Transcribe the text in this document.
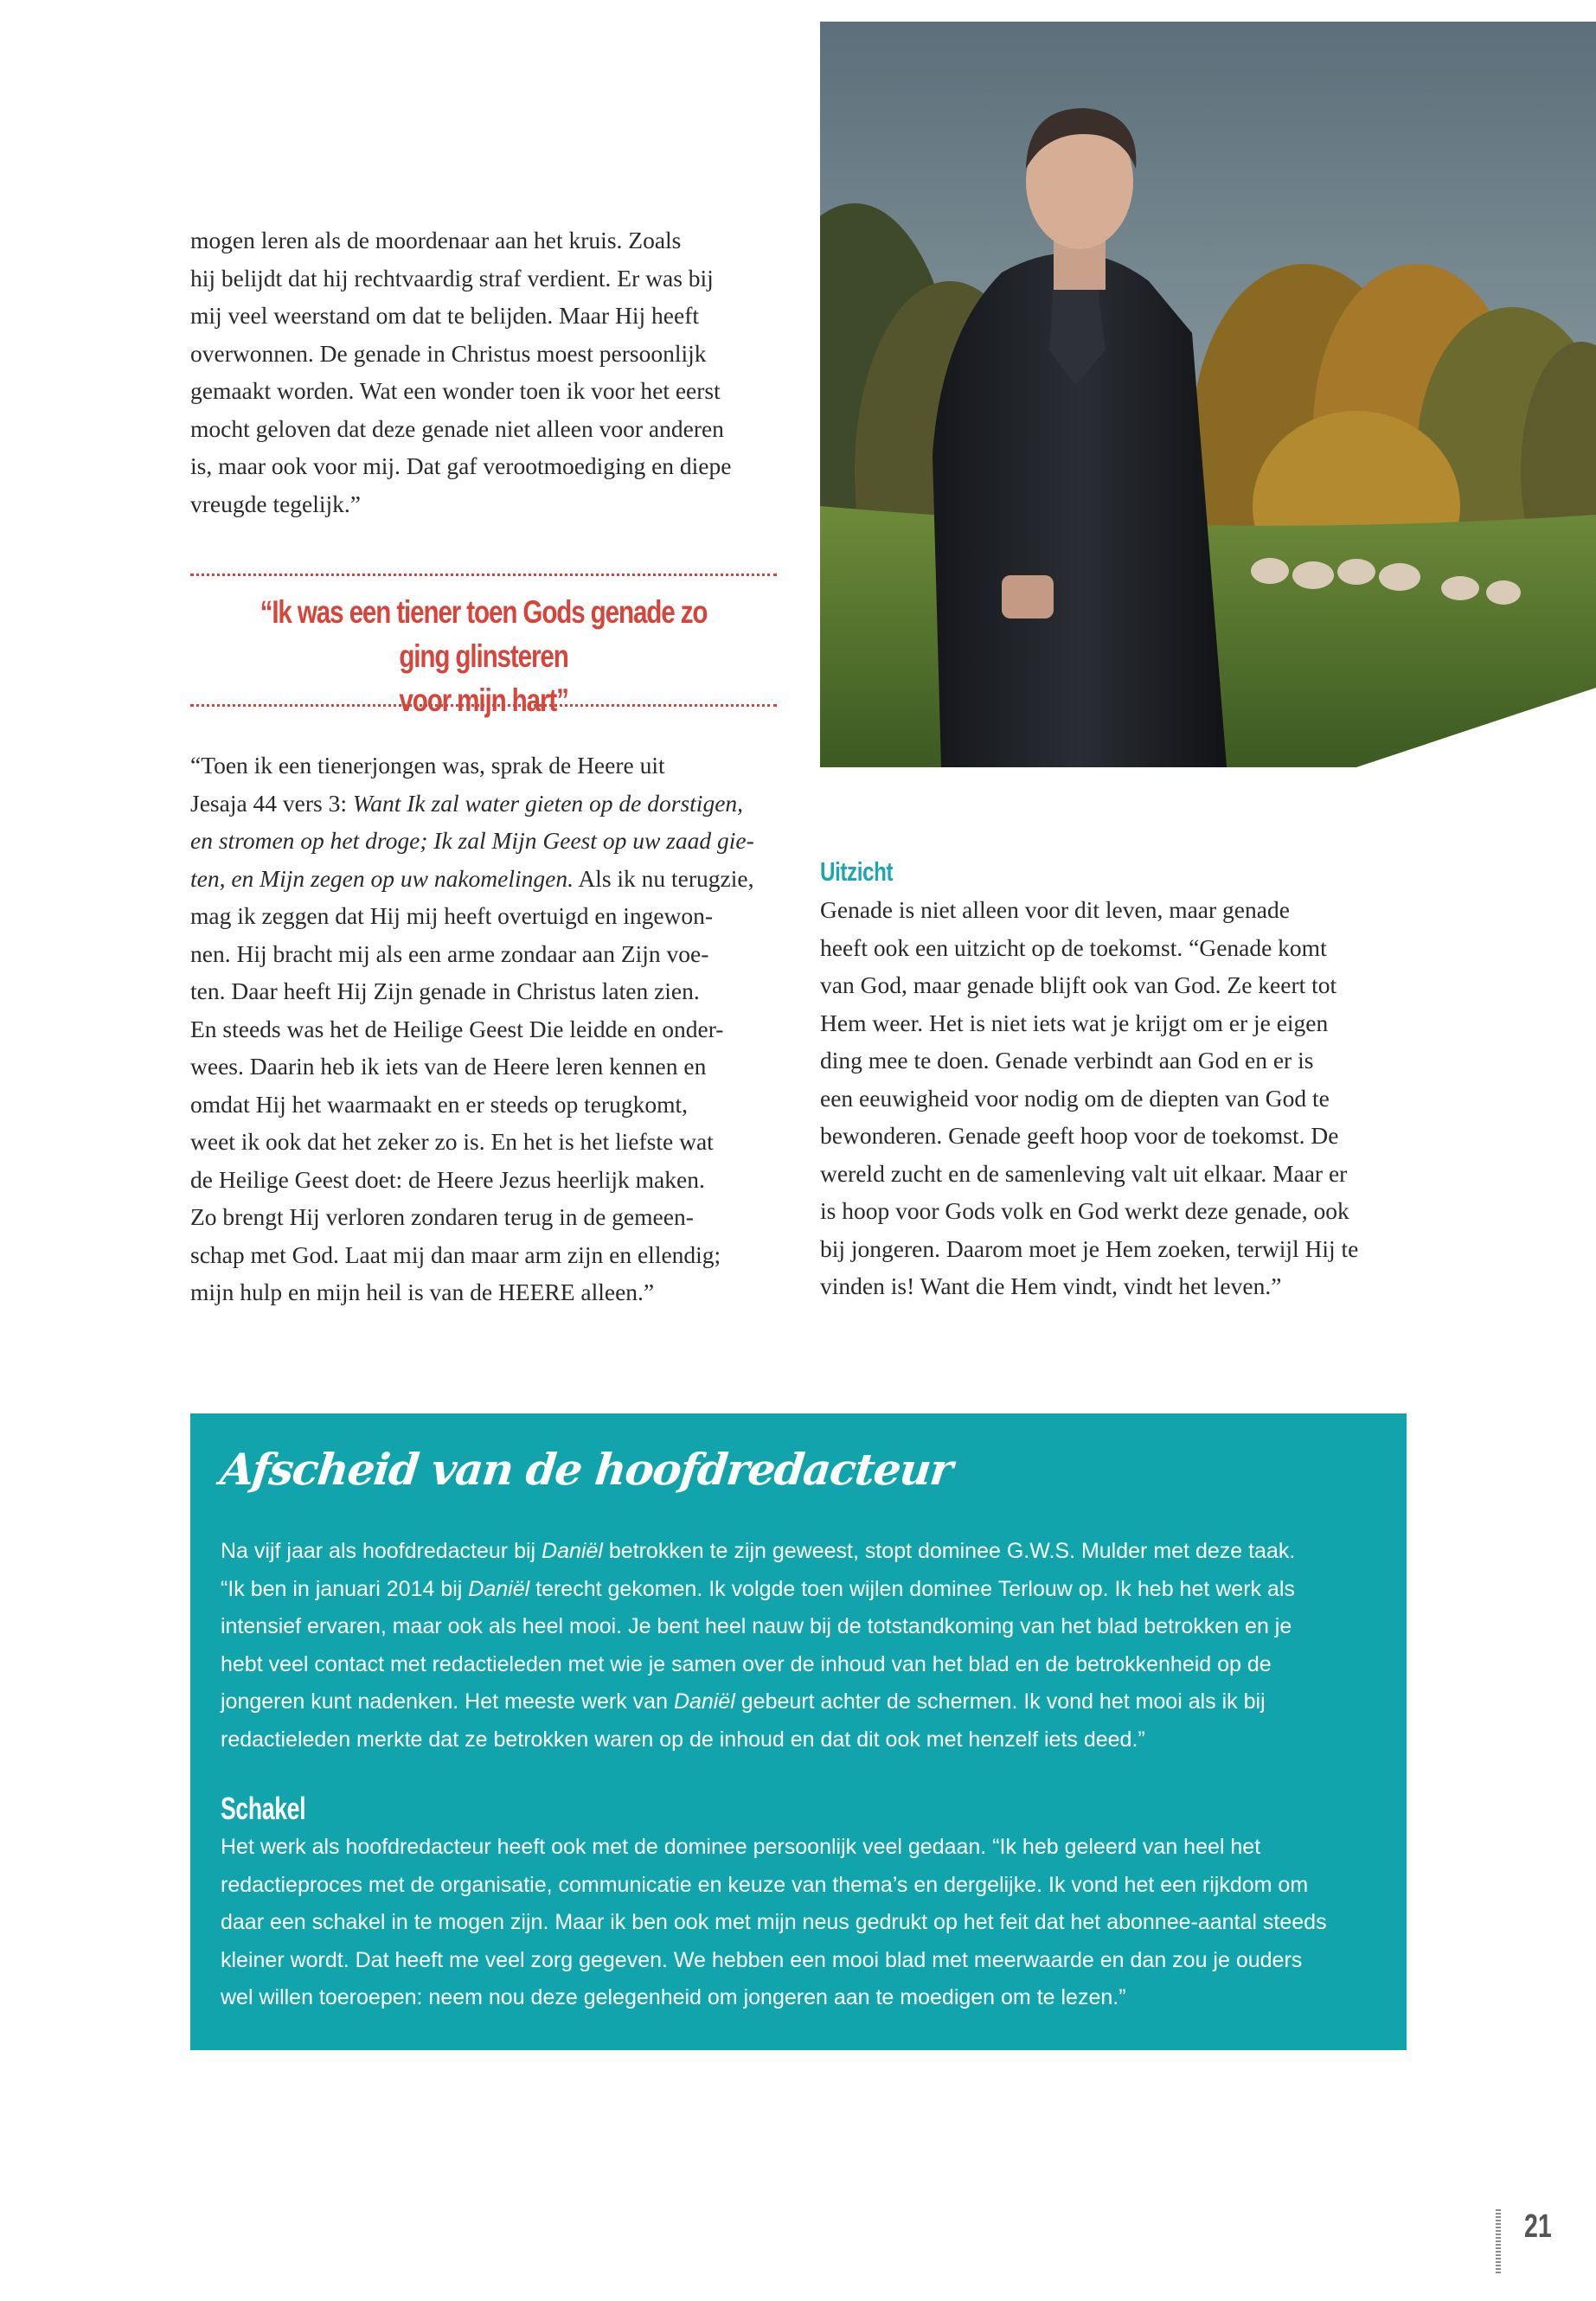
mogen leren als de moordenaar aan het kruis. Zoals

hij belijdt dat hij rechtvaardig straf verdient. Er was bij

mij veel weerstand om dat te belijden. Maar Hij heeft

overwonnen. De genade in Christus moest persoonlijk

gemaakt worden. Wat een wonder toen ik voor het eerst

mocht geloven dat deze genade niet alleen voor anderen

is, maar ook voor mij. Dat gaf verootmoediging en diepe

vreugde tegelijk.”

“Ik was een tiener toen Gods genade zo ging glinsteren
voor mijn hart”

“Toen ik een tienerjongen was, sprak de Heere uit

Jesaja 44 vers 3: Want Ik zal water gieten op de dorstigen,

en stromen op het droge; Ik zal Mijn Geest op uw zaad gie-

ten, en Mijn zegen op uw nakomelingen. Als ik nu terugzie,

mag ik zeggen dat Hij mij heeft overtuigd en ingewon-

nen. Hij bracht mij als een arme zondaar aan Zijn voe-

ten. Daar heeft Hij Zijn genade in Christus laten zien.

En steeds was het de Heilige Geest Die leidde en onder-

wees. Daarin heb ik iets van de Heere leren kennen en

omdat Hij het waarmaakt en er steeds op terugkomt,

weet ik ook dat het zeker zo is. En het is het liefste wat

de Heilige Geest doet: de Heere Jezus heerlijk maken.

Zo brengt Hij verloren zondaren terug in de gemeen-

schap met God. Laat mij dan maar arm zijn en ellendig;

mijn hulp en mijn heil is van de HEERE alleen.”

Uitzicht

Genade is niet alleen voor dit leven, maar genade

heeft ook een uitzicht op de toekomst. “Genade komt

van God, maar genade blijft ook van God. Ze keert tot

Hem weer. Het is niet iets wat je krijgt om er je eigen

ding mee te doen. Genade verbindt aan God en er is

een eeuwigheid voor nodig om de diepten van God te

bewonderen. Genade geeft hoop voor de toekomst. De

wereld zucht en de samenleving valt uit elkaar. Maar er

is hoop voor Gods volk en God werkt deze genade, ook

bij jongeren. Daarom moet je Hem zoeken, terwijl Hij te

vinden is! Want die Hem vindt, vindt het leven.”

Afscheid van de hoofdredacteur

Na vijf jaar als hoofdredacteur bij Daniël betrokken te zijn geweest, stopt dominee G.W.S. Mulder met deze taak.

“Ik ben in januari 2014 bij Daniël terecht gekomen. Ik volgde toen wijlen dominee Terlouw op. Ik heb het werk als

intensief ervaren, maar ook als heel mooi. Je bent heel nauw bij de totstandkoming van het blad betrokken en je

hebt veel contact met redactieleden met wie je samen over de inhoud van het blad en de betrokkenheid op de

jongeren kunt nadenken. Het meeste werk van Daniël gebeurt achter de schermen. Ik vond het mooi als ik bij

redactieleden merkte dat ze betrokken waren op de inhoud en dat dit ook met henzelf iets deed.”

Schakel

Het werk als hoofdredacteur heeft ook met de dominee persoonlijk veel gedaan. “Ik heb geleerd van heel het

redactieproces met de organisatie, communicatie en keuze van thema’s en dergelijke. Ik vond het een rijkdom om

daar een schakel in te mogen zijn. Maar ik ben ook met mijn neus gedrukt op het feit dat het abonnee-aantal steeds

kleiner wordt. Dat heeft me veel zorg gegeven. We hebben een mooi blad met meerwaarde en dan zou je ouders

wel willen toeroepen: neem nou deze gelegenheid om jongeren aan te moedigen om te lezen.”

21
